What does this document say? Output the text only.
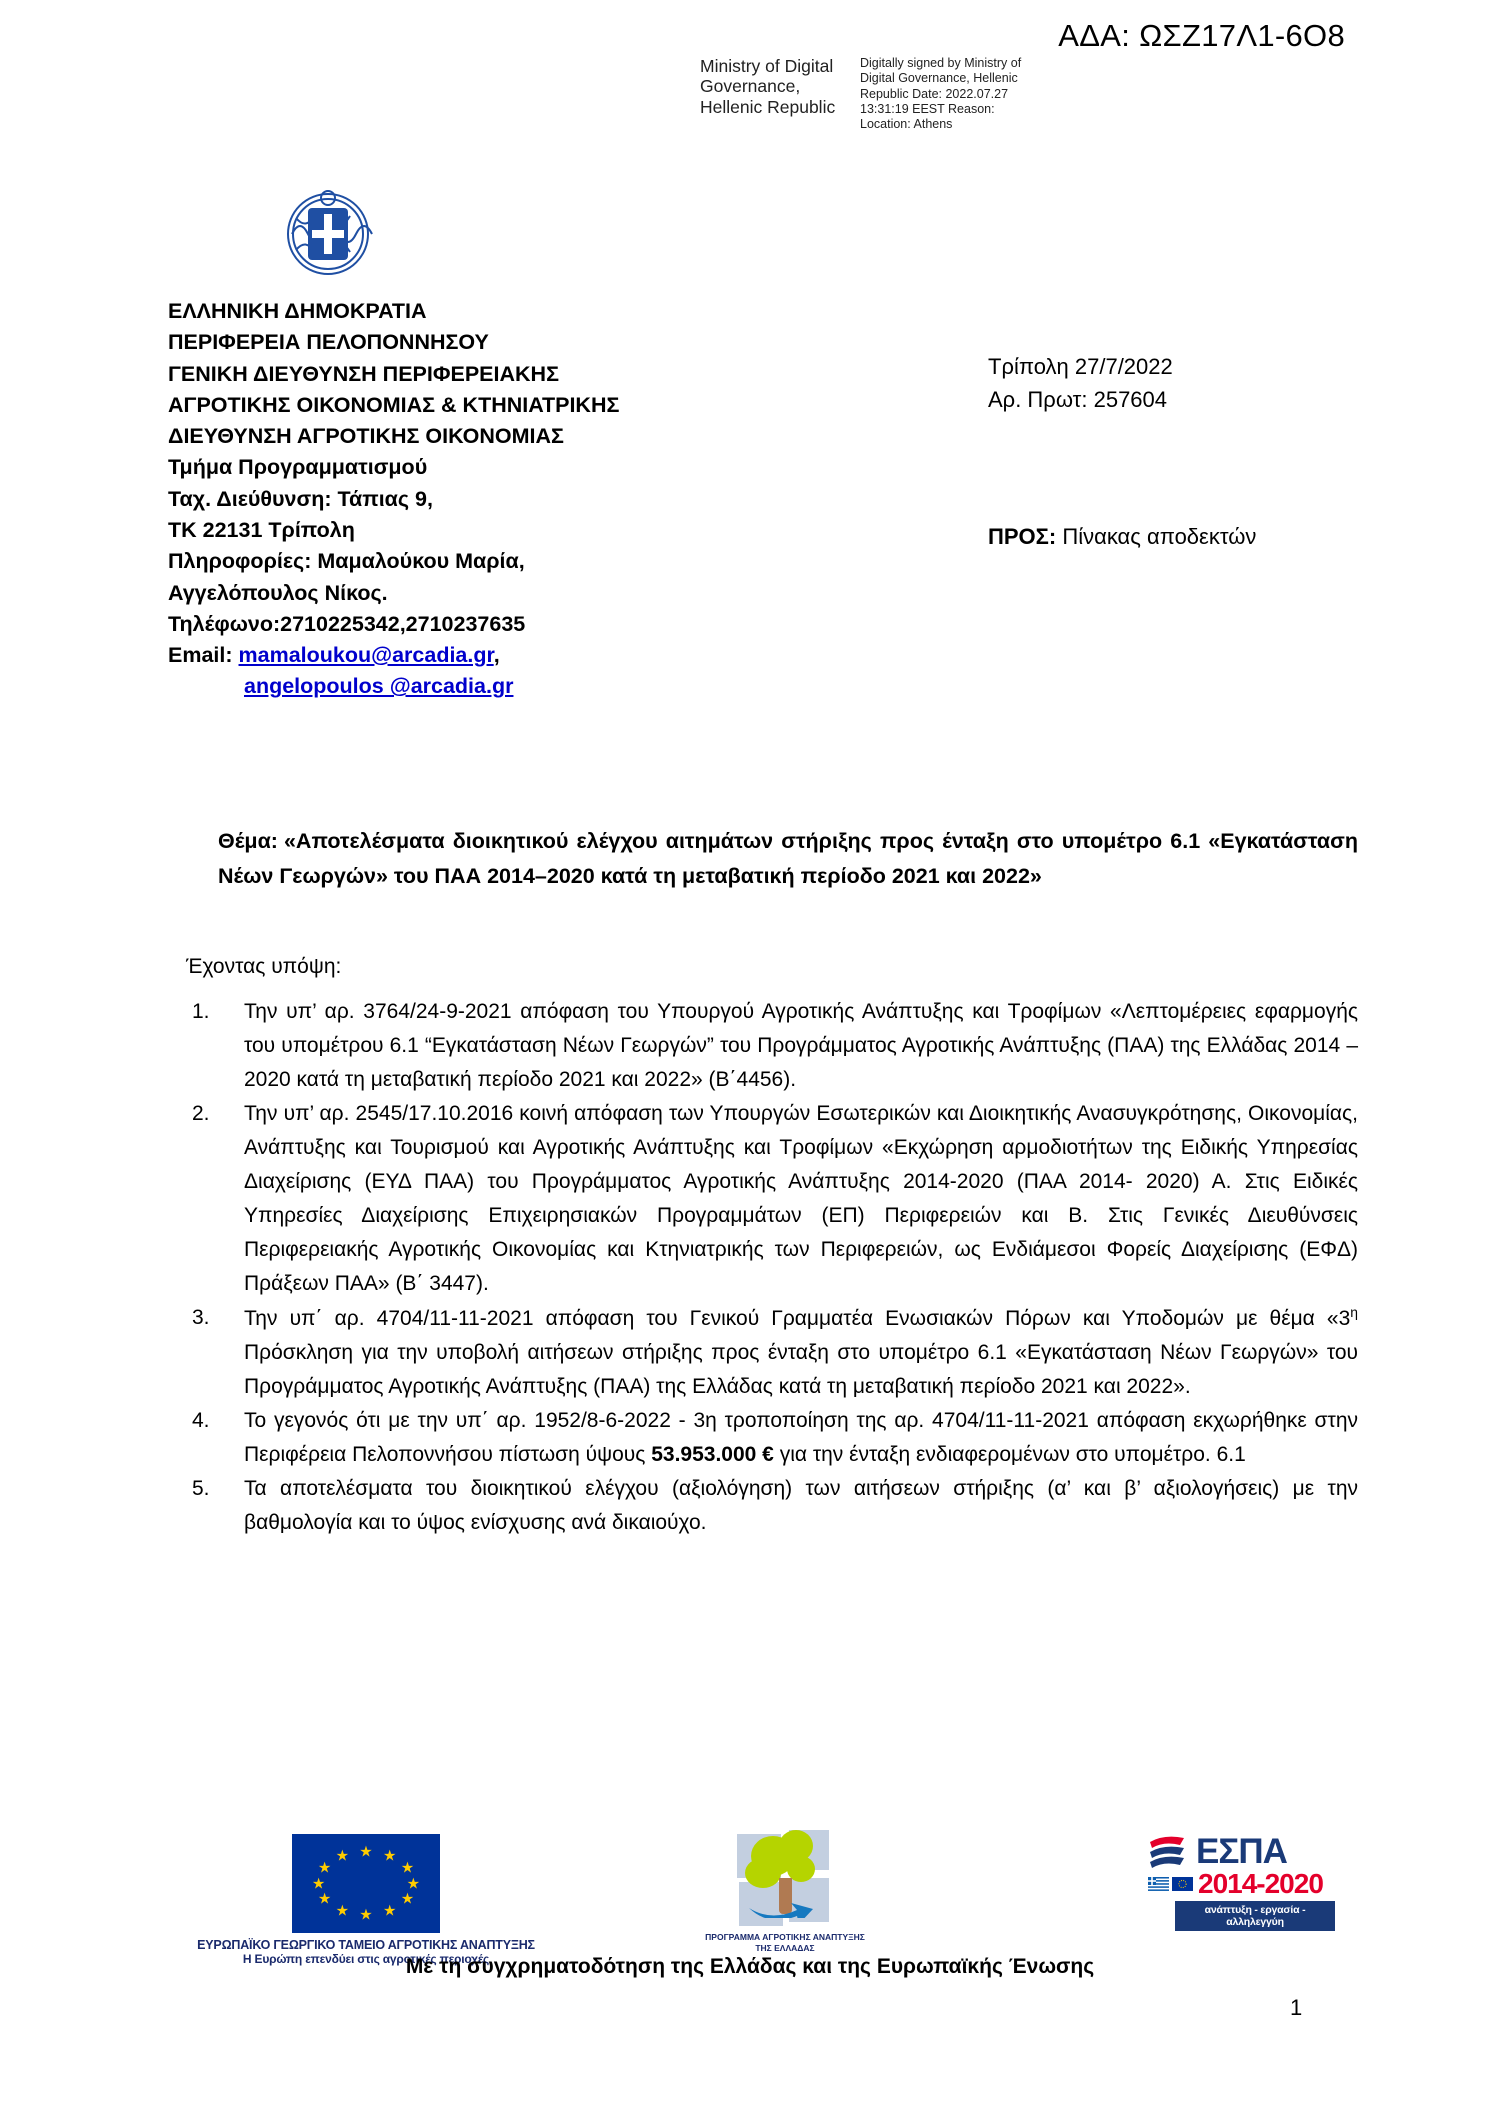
ΑΔΑ: ΩΣΖ17Λ1-6Ο8
Ministry of Digital Governance, Hellenic Republic
Digitally signed by Ministry of Digital Governance, Hellenic Republic Date: 2022.07.27 13:31:19 EEST Reason: Location: Athens
ΕΛΛΗΝΙΚΗ ΔΗΜΟΚΡΑΤΙΑ
ΠΕΡΙΦΕΡΕΙΑ ΠΕΛΟΠΟΝΝΗΣΟΥ
ΓΕΝΙΚΗ ΔΙΕΥΘΥΝΣΗ ΠΕΡΙΦΕΡΕΙΑΚΗΣ
ΑΓΡΟΤΙΚΗΣ ΟΙΚΟΝΟΜΙΑΣ & ΚΤΗΝΙΑΤΡΙΚΗΣ
ΔΙΕΥΘΥΝΣΗ ΑΓΡΟΤΙΚΗΣ ΟΙΚΟΝΟΜΙΑΣ
Τμήμα Προγραμματισμού
Ταχ. Διεύθυνση: Τάπιας 9,
ΤΚ 22131 Τρίπολη
Πληροφορίες: Μαμαλούκου Μαρία,
Αγγελόπουλος Νίκος.
Τηλέφωνο:2710225342,2710237635
Email: mamaloukou@arcadia.gr,
angelopoulos @arcadia.gr
Τρίπολη 27/7/2022
Αρ. Πρωτ: 257604
ΠΡΟΣ: Πίνακας αποδεκτών
Θέμα: «Αποτελέσματα διοικητικού ελέγχου αιτημάτων στήριξης προς ένταξη στο υπομέτρο 6.1 «Εγκατάσταση Νέων Γεωργών» του ΠΑΑ 2014–2020 κατά τη μεταβατική περίοδο 2021 και 2022»
Έχοντας υπόψη:
1.	Την υπ’ αρ. 3764/24-9-2021 απόφαση του Υπουργού Αγροτικής Ανάπτυξης και Τροφίμων «Λεπτομέρειες εφαρμογής του υπομέτρου 6.1 “Εγκατάσταση Νέων Γεωργών” του Προγράμματος Αγροτικής Ανάπτυξης (ΠΑΑ) της Ελλάδας 2014 – 2020 κατά τη μεταβατική περίοδο 2021 και 2022» (Β΄4456).

2.	Την υπ’ αρ. 2545/17.10.2016 κοινή απόφαση των Υπουργών Εσωτερικών και Διοικητικής Ανασυγκρότησης, Οικονομίας, Ανάπτυξης και Τουρισμού και Αγροτικής Ανάπτυξης και Τροφίμων «Εκχώρηση αρμοδιοτήτων της Ειδικής Υπηρεσίας Διαχείρισης (ΕΥΔ ΠΑΑ) του Προγράμματος Αγροτικής Ανάπτυξης 2014-2020 (ΠΑΑ 2014- 2020) Α. Στις Ειδικές Υπηρεσίες Διαχείρισης Επιχειρησιακών Προγραμμάτων (ΕΠ) Περιφερειών και Β. Στις Γενικές Διευθύνσεις Περιφερειακής Αγροτικής Οικονομίας και Κτηνιατρικής των Περιφερειών, ως Ενδιάμεσοι Φορείς Διαχείρισης (ΕΦΔ) Πράξεων ΠΑΑ» (Β΄ 3447).

3.	Την υπ΄ αρ. 4704/11-11-2021 απόφαση του Γενικού Γραμματέα Ενωσιακών Πόρων και Υποδομών με θέμα «$3^\eta$ Πρόσκληση για την υποβολή αιτήσεων στήριξης προς ένταξη στο υπομέτρο 6.1 «Εγκατάσταση Νέων Γεωργών» του Προγράμματος Αγροτικής Ανάπτυξης (ΠΑΑ) της Ελλάδας κατά τη μεταβατική περίοδο 2021 και 2022».

4.	Το γεγονός ότι με την υπ΄ αρ. 1952/8-6-2022 - 3η τροποποίηση της αρ. 4704/11-11-2021 απόφαση εκχωρήθηκε στην Περιφέρεια Πελοποννήσου πίστωση ύψους 53.953.000 € για την ένταξη ενδιαφερομένων στο υπομέτρο. 6.1

5.	Τα αποτελέσματα του διοικητικού ελέγχου (αξιολόγηση) των αιτήσεων στήριξης (α’ και β’ αξιολογήσεις) με την βαθμολογία και το ύψος ενίσχυσης ανά δικαιούχο.

★ ★
★
★
★
★
★
★
★
★
★
★
ΕΥΡΩΠΑΪΚΟ ΓΕΩΡΓΙΚΟ ΤΑΜΕΙΟ ΑΓΡΟΤΙΚΗΣ ΑΝΑΠΤΥΞΗΣ
Η Ευρώπη επενδύει στις αγροτικές περιοχές
ΠΡΟΓΡΑΜΜΑ ΑΓΡΟΤΙΚΗΣ ΑΝΑΠΤΥΞΗΣ
ΤΗΣ ΕΛΛΑΔΑΣ
ΕΣΠΑ
2014-2020
ανάπτυξη - εργασία - αλληλεγγύη
Με τη συγχρηματοδότηση της Ελλάδας και της Ευρωπαϊκής Ένωσης
1
